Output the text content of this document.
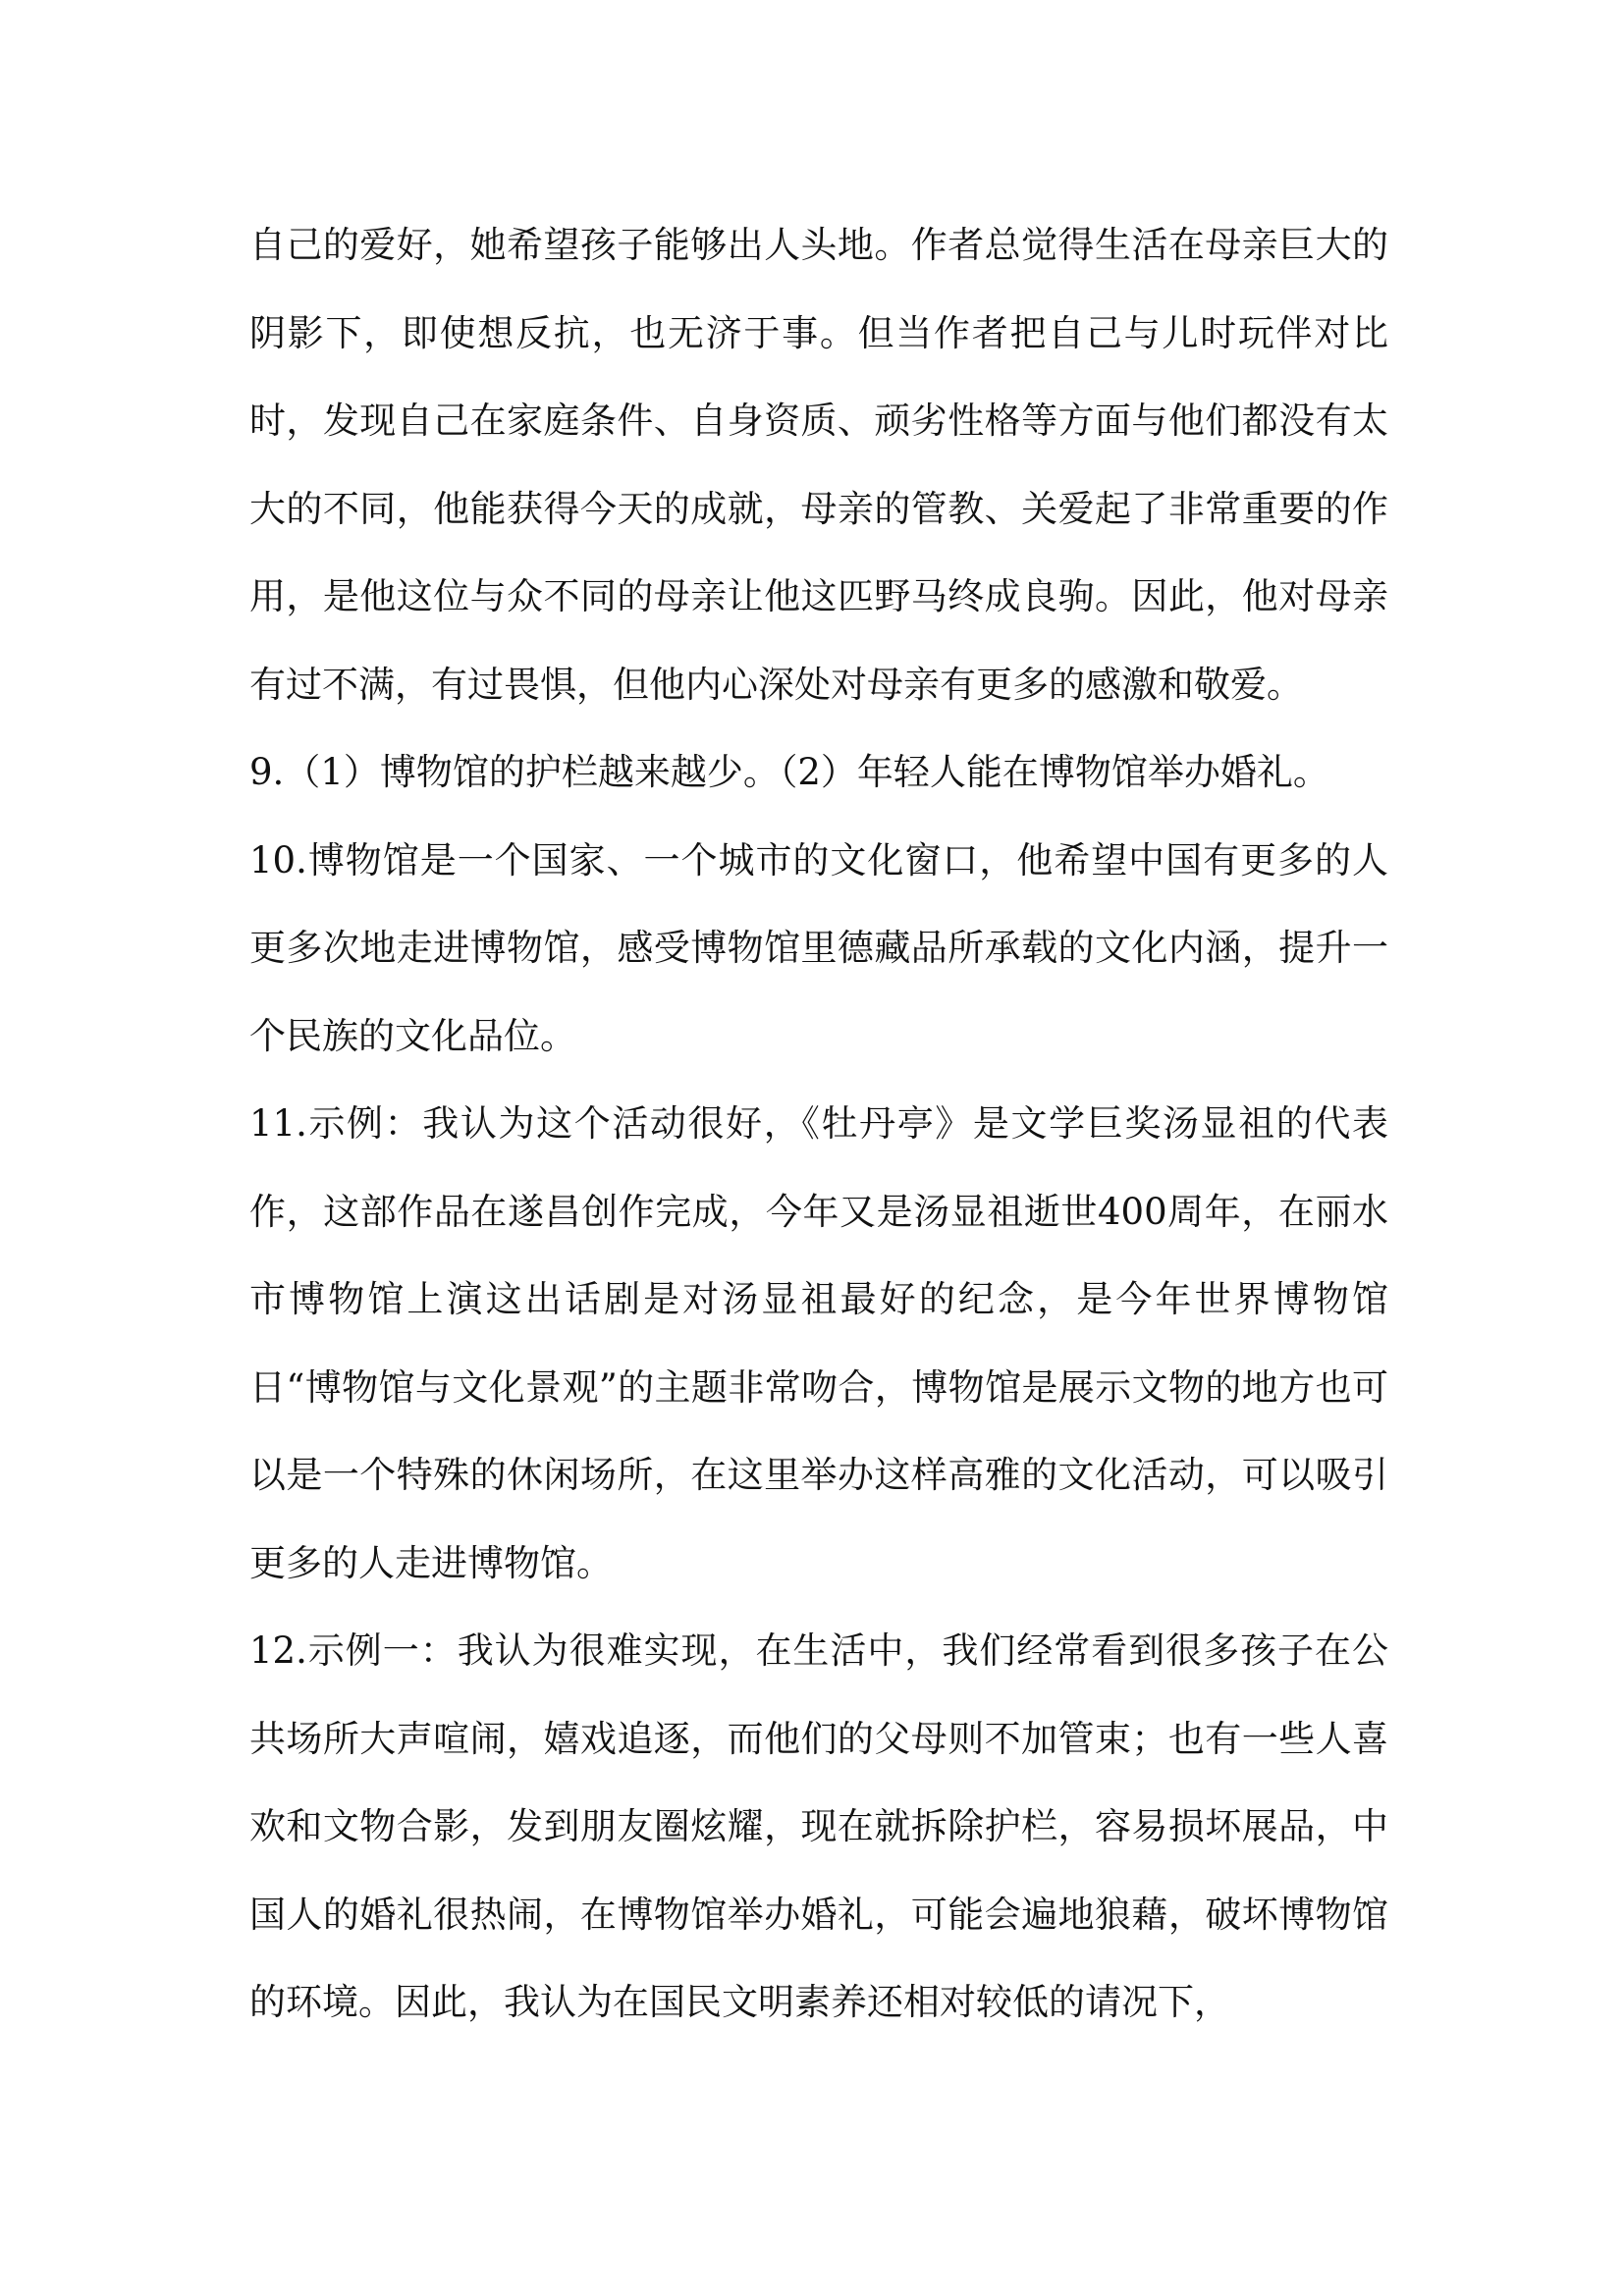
自己的爱好，她希望孩子能够出人头地。作者总觉得生活在母亲巨大的阴影下，即使想反抗，也无济于事。但当作者把自己与儿时玩伴对比时，发现自己在家庭条件、自身资质、顽劣性格等方面与他们都没有太大的不同，他能获得今天的成就，母亲的管教、关爱起了非常重要的作用，是他这位与众不同的母亲让他这匹野马终成良驹。因此，他对母亲有过不满，有过畏惧，但他内心深处对母亲有更多的感激和敬爱。

9.（1）博物馆的护栏越来越少。（2）年轻人能在博物馆举办婚礼。

10.博物馆是一个国家、一个城市的文化窗口，他希望中国有更多的人更多次地走进博物馆，感受博物馆里德藏品所承载的文化内涵，提升一个民族的文化品位。

11.示例：我认为这个活动很好，《牡丹亭》是文学巨奖汤显祖的代表作，这部作品在遂昌创作完成，今年又是汤显祖逝世400周年，在丽水市博物馆上演这出话剧是对汤显祖最好的纪念，是今年世界博物馆日“博物馆与文化景观”的主题非常吻合，博物馆是展示文物的地方也可以是一个特殊的休闲场所，在这里举办这样高雅的文化活动，可以吸引更多的人走进博物馆。

12.示例一：我认为很难实现，在生活中，我们经常看到很多孩子在公共场所大声喧闹，嬉戏追逐，而他们的父母则不加管束；也有一些人喜欢和文物合影，发到朋友圈炫耀，现在就拆除护栏，容易损坏展品，中国人的婚礼很热闹，在博物馆举办婚礼，可能会遍地狼藉，破坏博物馆的环境。因此，我认为在国民文明素养还相对较低的请况下，
